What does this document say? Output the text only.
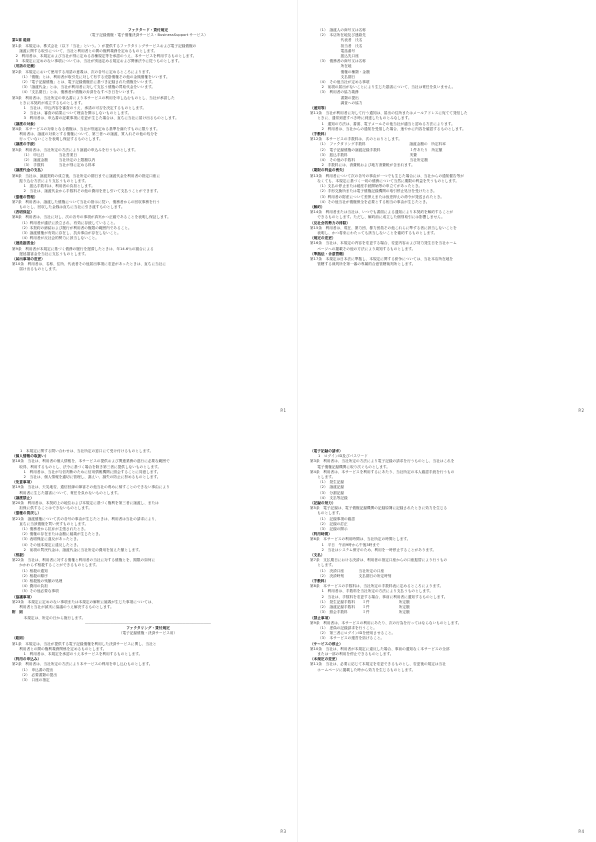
ファクタード・貸付規定
（電子記録債権・電子債権決済サービス・BusinessSupport サービス）
第1章 総則
第1条　本規定は、株式会社（以下「当社」という。）が提供するファクタリングサービスおよび電子記録債権の
　　譲渡に関する取引について、当社と利用者との間の権利義務を定めるものとします。
　2　利用者は、本規定および当社が別に定める各種規定等を承認のうえ、本サービスを利用するものとします。
　3　本規定に定めのない事項については、当社が別途定める規定および関係法令に従うものとします。
（用語の定義）
第2条　本規定において使用する用語の意義は、次の各号に定めるところによります。
（1）「債権」とは、利用者が取引先に対して有する売掛債権その他の金銭債権をいいます。
（2）「電子記録債権」とは、電子記録債権法に基づき記録された債権をいいます。
（3）「譲渡代金」とは、当社が利用者に対して支払う債権の買取代金をいいます。
（4）「支払期日」とは、債務者が債権の弁済をなすべき日をいいます。
第3条　利用者は、当社所定の申込書により本サービスの利用を申し込むものとし、当社が承諾した
　　ときに本契約が成立するものとします。
　1　当社は、申込内容を審査のうえ、承諾の可否を決定するものとします。
　2　当社は、審査の結果について理由を開示しないものとします。
　3　利用者は、申込書の記載事項に変更が生じた場合は、直ちに当社に届け出るものとします。
（譲渡の対象）
第4条　本サービスの対象となる債権は、当社が別途定める基準を満たすものに限ります。
　　利用者は、譲渡の対象とする債権について、第三者への譲渡、質入れその他の処分を
　　行っていないことを表明し保証するものとします。
（譲渡の手続）
第5条　利用者は、当社所定の方法により譲渡の申込みを行うものとします。
　（1）　申込日　　　　当社営業日
　（2）　譲渡金額　　　当社所定の上限額以内
　（3）　手数料　　　　当社が別に定める料率
（譲渡代金の支払）
第6条　当社は、譲渡契約の成立後、当社所定の期日までに譲渡代金を利用者の指定口座に
　　振り込む方法により支払うものとします。
　1　振込手数料は、利用者の負担とします。
　2　当社は、譲渡代金から手数料その他の費用を差し引いて支払うことができます。
（債権の管理）
第7条　利用者は、譲渡した債権について当社の指示に従い、債務者からの回収事務を行う
　　ものとし、回収した金銭は直ちに当社に引き渡すものとします。
（表明保証）
第8条　利用者は、当社に対し、次の各号の事項が真実かつ正確であることを表明し保証します。
（1）利用者が適法に設立され、有効に存続していること。
（2）本契約の締結および履行が利用者の権限の範囲内であること。
（3）譲渡債権が有効に存在し、抗弁事由が存在しないこと。
（4）利用者が反社会的勢力に該当しないこと。
（遅延損害金）
第9条　利用者が本規定に基づく債務の履行を遅滞したときは、年14.6％の割合による
　　遅延損害金を当社に支払うものとします。
（届出事項の変更）
第10条　利用者は、名称、住所、代表者その他届出事項に変更があったときは、直ちに当社に
　　届け出るものとします。
P.1
（1）　譲渡人の商号又は名称
（2）　本店所在地及び連絡先
　　　　代表者　氏名
　　　　担当者　氏名
　　　　電話番号
　　　　振込先口座
（3）　債務者の商号又は名称
　　　　所在地
　　　　債権の種類・金額
　　　　支払期日
（4）　その他当社が定める事項
　2　前項の届出がないことにより生じた損害について、当社は責任を負いません。
（3）　利用者の協力義務
　　　　書類の提出
　　　　調査への協力
（通知等）
第11条　当社が利用者に対して行う通知は、届出の住所またはメールアドレスに宛てて発信した
　　ときに、通常到達すべき時に到達したものとみなします。
　1　通知の方法は、書面、電子メールその他当社が適当と認める方法によります。
　2　利用者は、当社からの通知を受領した場合、速やかに内容を確認するものとします。
（手数料）
第12条　本サービスの手数料は、次のとおりとします。
（1）　ファクタリング手数料　　　　　　　　　　　　譲渡金額の　所定料率
（2）　電子記録債権の譲渡記録手数料　　　　　　　　１件あたり　所定額
（3）　振込手数料　　　　　　　　　　　　　　　　　実費
（4）　その他の手数料　　　　　　　　　　　　　　　当社所定額
　2　手数料には、消費税および地方消費税が含まれます。
（期限の利益の喪失）
第13条　利用者について次の各号の事由が一つでも生じた場合には、当社からの通知催告等が
　　なくても、本規定に基づく一切の債務について当然に期限の利益を失うものとします。
（1）支払の停止または破産手続開始等の申立てがあったとき。
（2）手形交換所または電子債権記録機関の取引停止処分を受けたとき。
（3）利用者の財産について差押えまたは仮差押えの命令が発送されたとき。
（4）その他当社が債権保全を必要とする相当の事由が生じたとき。
（解約）
第14条　利用者または当社は、いつでも書面による通知により本契約を解約することが
　　できるものとします。ただし、解約前に成立した個別取引には影響しません。
（反社会的勢力の排除）
第15条　利用者は、現在、暴力団、暴力団員その他これらに準ずる者に該当しないことを
　　表明し、かつ将来にわたっても該当しないことを確約するものとします。
（規定の変更）
第16条　当社は、本規定の内容を変更する場合、変更内容および効力発生日を当社ホーム
　　ページへの掲載その他の方法により周知するものとします。
（準拠法・合意管轄）
第17条　本規定は日本法に準拠し、本規定に関する紛争については、当社本店所在地を
　　管轄する裁判所を第一審の専属的合意管轄裁判所とします。
P.2
1　本規定に関する問い合わせは、当社所定の窓口にて受け付けるものとします。
（個人情報の取扱い）
第18条　当社は、利用者の個人情報を、本サービスの提供および関連業務の遂行に必要な範囲で
　　取得、利用するものとし、法令に基づく場合を除き第三者に提供しないものとします。
　1　利用者は、当社が与信判断のために信用情報機関に照会することに同意します。
　2　当社は、個人情報を適切に管理し、漏えい、滅失の防止に努めるものとします。
（免責事項）
第19条　当社は、天災地変、通信回線の障害その他当社の責めに帰すことのできない事由により
　　利用者に生じた損害について、責任を負わないものとします。
（譲渡禁止）
第20条　利用者は、本契約上の地位および本規定に基づく権利を第三者に譲渡し、または
　　担保に供することはできないものとします。
（債権の買戻し）
第21条　譲渡債権について次の各号の事由が生じたときは、利用者は当社の請求により、
　　直ちに当該債権を買い戻すものとします。
（1）債務者から抗弁が主張されたとき。
（2）債権の存在または金額に疑義が生じたとき。
（3）表明保証に違反があったとき。
（4）その他本規定に違反したとき。
　2　前項の買戻代金は、譲渡代金に当社所定の費用を加えた額とします。
（相殺）
第22条　当社は、利用者に対する債権と利用者の当社に対する債権とを、期限の如何に
　　かかわらず相殺することができるものとします。
（1）相殺の通知
（2）相殺の順序
（3）相殺後の残額の処理
（4）費用の負担
（5）その他必要な事項
（協議事項）
第23条　本規定に定めのない事項または本規定の解釈に疑義が生じた事項については、
　　利用者と当社が誠実に協議のうえ解決するものとします。
附　則
　本規定は、所定の日から施行します。
―――――――――――――――――――――――――――――――――――
ファクタリング・貸付規定
（電子記録債権・決済サービス用）
（総則）
第1条　本規定は、当社が提供する電子記録債権を利用した決済サービスに関し、当社と
　　利用者との間の権利義務関係を定めるものとします。
　1　利用者は、本規定を承認のうえ本サービスを利用するものとします。
（利用の申込み）
第2条　利用者は、当社所定の方法により本サービスの利用を申し込むものとします。
（1）　申込書の提出
（2）　必要書類の提出
（3）　口座の指定
P.3
（電子記録の請求）
1　ログインID及びパスワード
第3条　利用者は、当社所定の方法により電子記録の請求を行うものとし、当社はこれを
　　電子債権記録機関に取り次ぐものとします。
第4条　利用者は、本サービスを利用するにあたり、当社所定の本人確認手続を行うもの
　　とします。
（1）　発生記録
（2）　譲渡記録
（3）　分割記録
（4）　支払等記録
（記録の効力）
第5条　電子記録は、電子債権記録機関の記録原簿に記録されたときに効力を生じる
　　ものとします。
（1）　記録事項の確認
（2）　記録の訂正
（3）　記録の開示
（利用時間）
第6条　本サービスの利用時間は、当社所定の時間とします。
　1　平日　午前9時から午後3時まで
　2　当社はシステム保守のため、利用を一時停止することがあります。
（支払）
第7条　支払期日における決済は、利用者の指定口座からの口座振替により行うもの
　　とします。
（1）　決済口座　　　　当社所定の口座
（2）　決済時刻　　　　支払期日の所定時刻
（手数料）
第8条　本サービスの手数料は、当社所定の手数料表に定めるところによります。
　1　利用者は、手数料を当社所定の方法により支払うものとします。
　2　当社は、手数料を変更する場合、事前に利用者に通知するものとします。
（1）　発生記録手数料　　１件　　　　　　　　所定額
（2）　譲渡記録手数料　　１件　　　　　　　　所定額
（3）　照会手数料　　　　１件　　　　　　　　所定額
（禁止事項）
第9条　利用者は、本サービスの利用にあたり、次の行為を行ってはならないものとします。
（1）　虚偽の記録請求を行うこと。
（2）　第三者にログインIDを使用させること。
（3）　本サービスの運営を妨げること。
（サービスの停止）
第10条　当社は、利用者が本規定に違反した場合、事前の通知なく本サービスの全部
　　または一部の利用を停止できるものとします。
（本規定の変更）
第11条　当社は、必要に応じて本規定を変更できるものとし、変更後の規定は当社
　　ホームページに掲載した時から効力を生じるものとします。
P.4
